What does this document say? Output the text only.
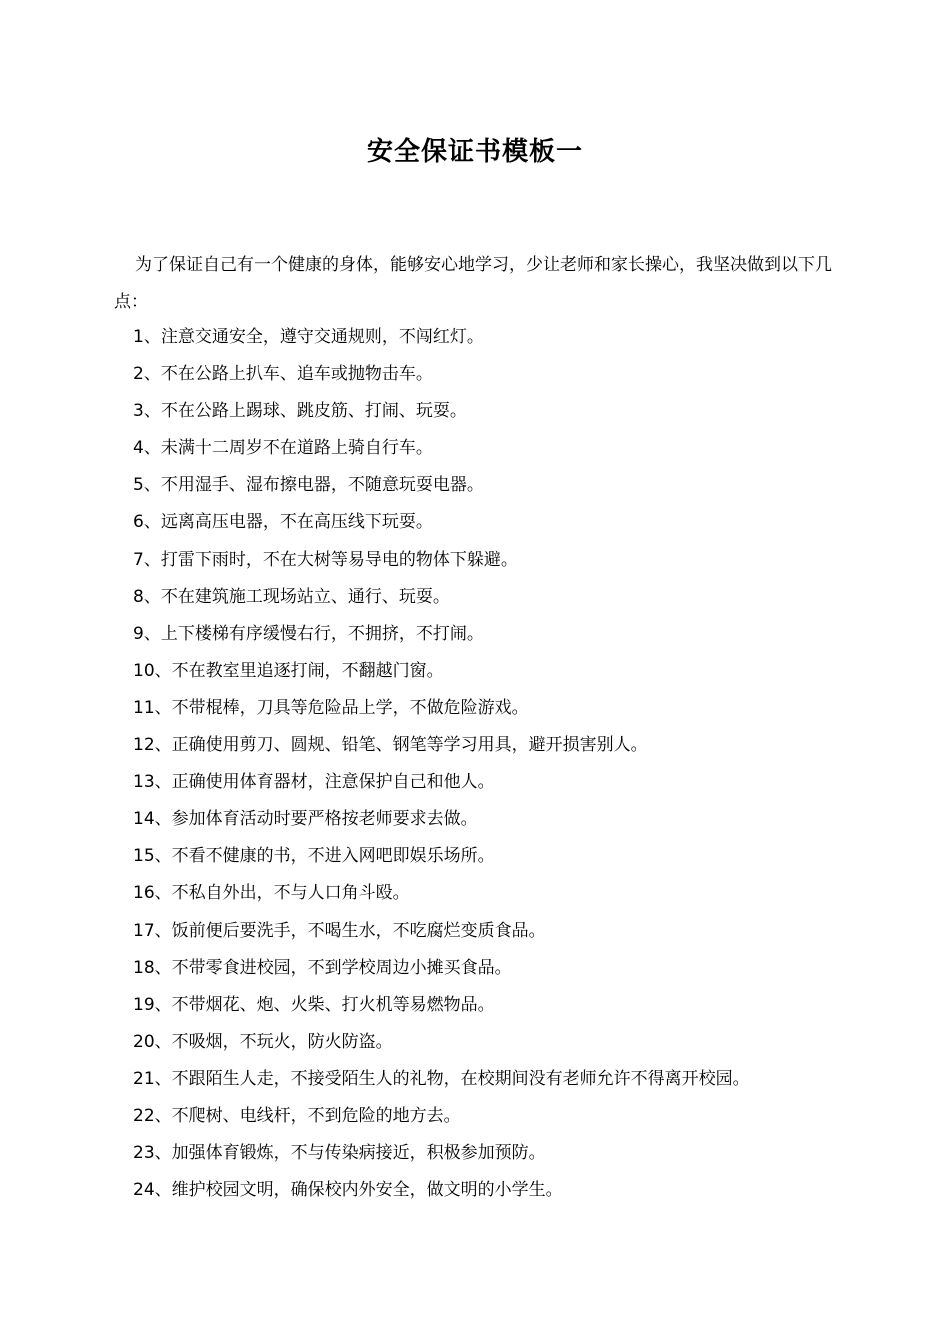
安全保证书模板一

为了保证自己有一个健康的身体，能够安心地学习，少让老师和家长操心，我坚决做到以下几点：

1、注意交通安全，遵守交通规则，不闯红灯。
2、不在公路上扒车、追车或抛物击车。
3、不在公路上踢球、跳皮筋、打闹、玩耍。
4、未满十二周岁不在道路上骑自行车。
5、不用湿手、湿布擦电器，不随意玩耍电器。
6、远离高压电器，不在高压线下玩耍。
7、打雷下雨时，不在大树等易导电的物体下躲避。
8、不在建筑施工现场站立、通行、玩耍。
9、上下楼梯有序缓慢右行，不拥挤，不打闹。
10、不在教室里追逐打闹，不翻越门窗。
11、不带棍棒，刀具等危险品上学，不做危险游戏。
12、正确使用剪刀、圆规、铅笔、钢笔等学习用具，避开损害别人。
13、正确使用体育器材，注意保护自己和他人。
14、参加体育活动时要严格按老师要求去做。
15、不看不健康的书，不进入网吧即娱乐场所。
16、不私自外出，不与人口角斗殴。
17、饭前便后要洗手，不喝生水，不吃腐烂变质食品。
18、不带零食进校园，不到学校周边小摊买食品。
19、不带烟花、炮、火柴、打火机等易燃物品。
20、不吸烟，不玩火，防火防盗。
21、不跟陌生人走，不接受陌生人的礼物，在校期间没有老师允许不得离开校园。
22、不爬树、电线杆，不到危险的地方去。
23、加强体育锻炼，不与传染病接近，积极参加预防。
24、维护校园文明，确保校内外安全，做文明的小学生。
